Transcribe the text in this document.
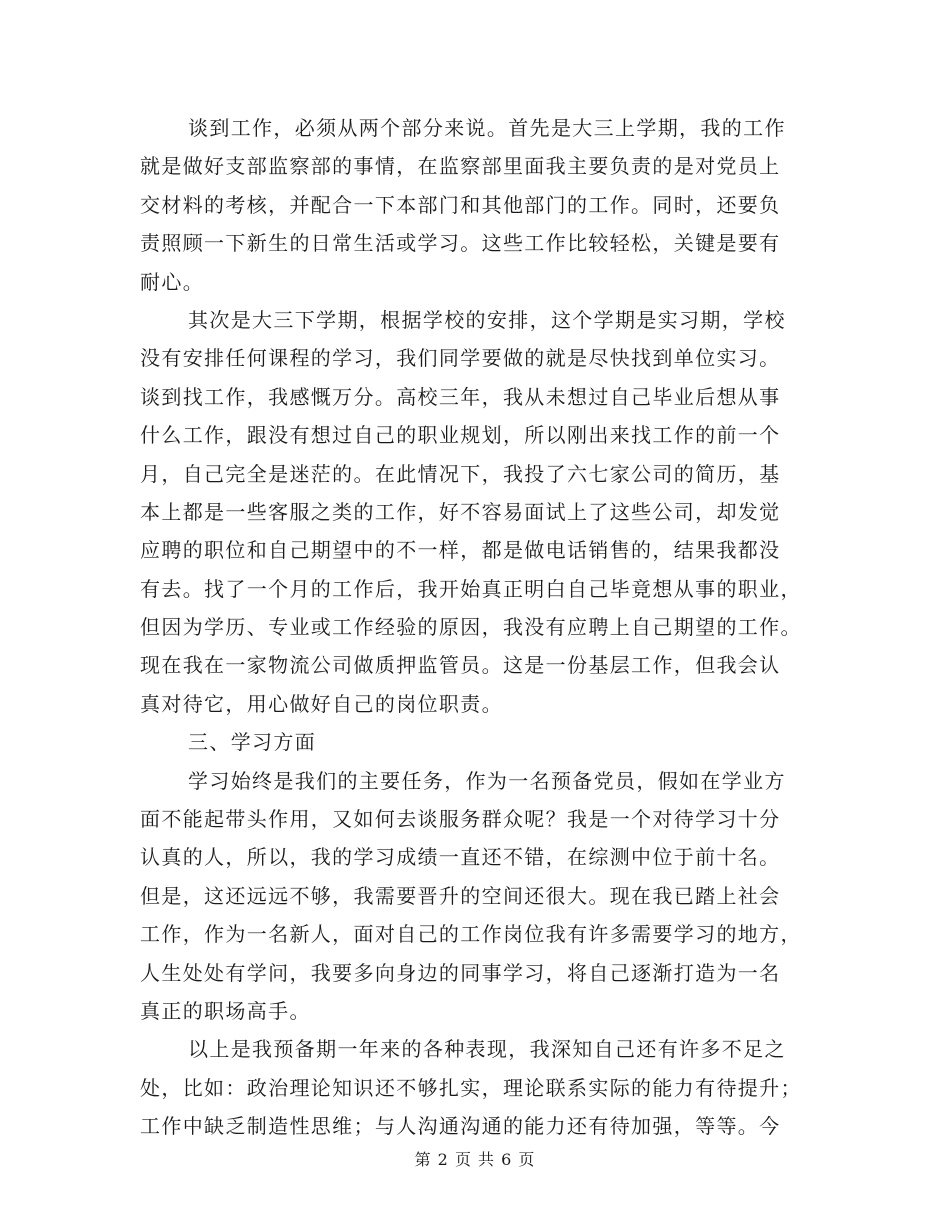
谈到工作，必须从两个部分来说。首先是大三上学期，我的工作
就是做好支部监察部的事情，在监察部里面我主要负责的是对党员上
交材料的考核，并配合一下本部门和其他部门的工作。同时，还要负
责照顾一下新生的日常生活或学习。这些工作比较轻松，关键是要有
耐心。
其次是大三下学期，根据学校的安排，这个学期是实习期，学校
没有安排任何课程的学习，我们同学要做的就是尽快找到单位实习。
谈到找工作，我感慨万分。高校三年，我从未想过自己毕业后想从事
什么工作，跟没有想过自己的职业规划，所以刚出来找工作的前一个
月，自己完全是迷茫的。在此情况下，我投了六七家公司的简历，基
本上都是一些客服之类的工作，好不容易面试上了这些公司，却发觉
应聘的职位和自己期望中的不一样，都是做电话销售的，结果我都没
有去。找了一个月的工作后，我开始真正明白自己毕竟想从事的职业，
但因为学历、专业或工作经验的原因，我没有应聘上自己期望的工作。
现在我在一家物流公司做质押监管员。这是一份基层工作，但我会认
真对待它，用心做好自己的岗位职责。
三、学习方面
学习始终是我们的主要任务，作为一名预备党员，假如在学业方
面不能起带头作用，又如何去谈服务群众呢？我是一个对待学习十分
认真的人，所以，我的学习成绩一直还不错，在综测中位于前十名。
但是，这还远远不够，我需要晋升的空间还很大。现在我已踏上社会
工作，作为一名新人，面对自己的工作岗位我有许多需要学习的地方，
人生处处有学问，我要多向身边的同事学习，将自己逐渐打造为一名
真正的职场高手。
以上是我预备期一年来的各种表现，我深知自己还有许多不足之
处，比如：政治理论知识还不够扎实，理论联系实际的能力有待提升；
工作中缺乏制造性思维；与人沟通沟通的能力还有待加强，等等。今
第 2 页 共 6 页
